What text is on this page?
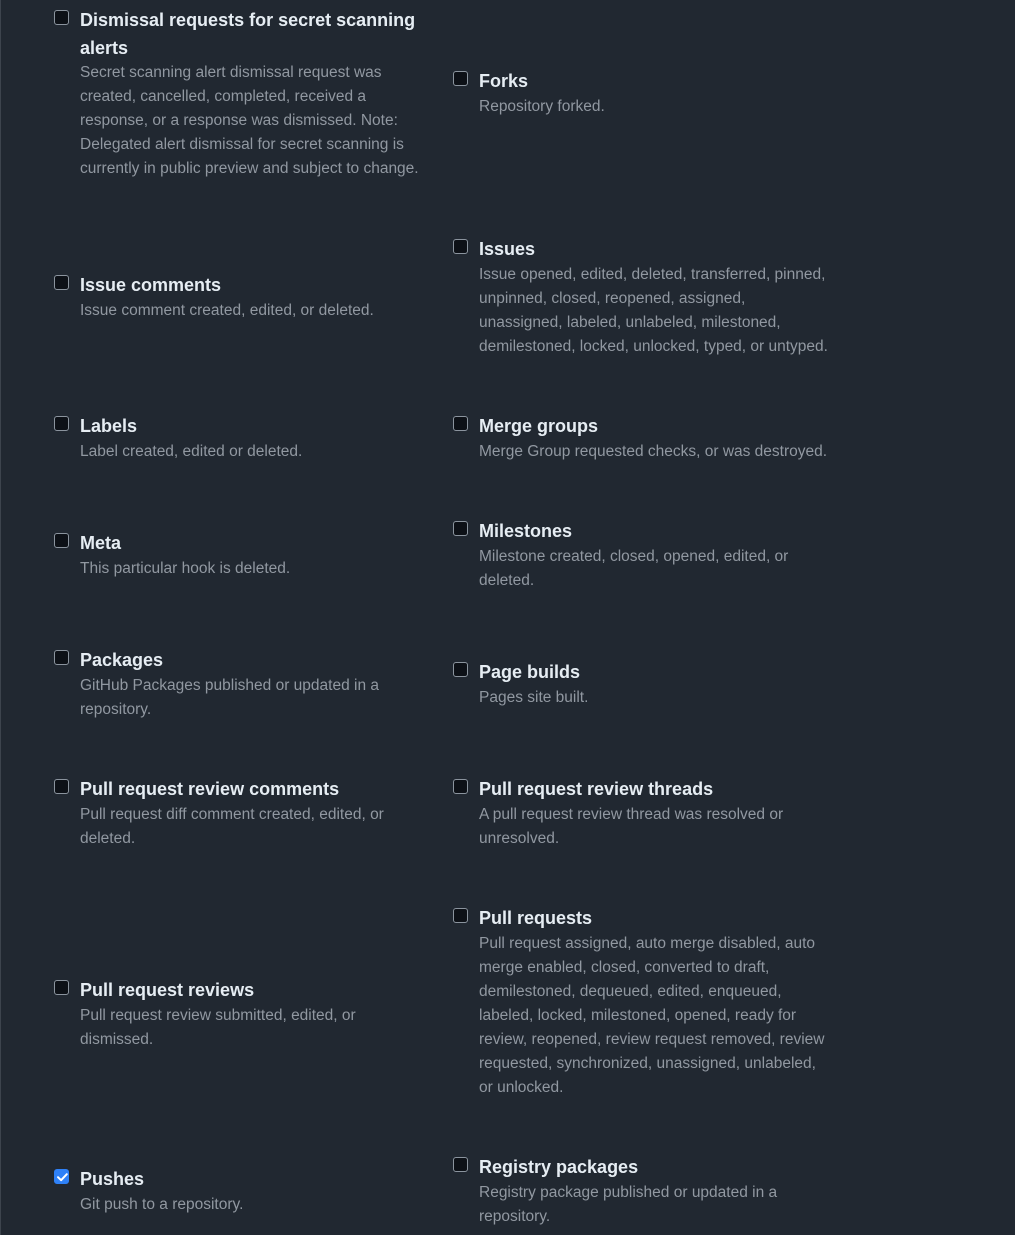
Dismissal requests for secret scanning alerts
Secret scanning alert dismissal request was created, cancelled, completed, received a response, or a response was dismissed. Note: Delegated alert dismissal for secret scanning is currently in public preview and subject to change.
Issue comments
Issue comment created, edited, or deleted.
Labels
Label created, edited or deleted.
Meta
This particular hook is deleted.
Packages
GitHub Packages published or updated in a repository.
Pull request review comments
Pull request diff comment created, edited, or deleted.
Pull request reviews
Pull request review submitted, edited, or dismissed.
Pushes
Git push to a repository.
Forks
Repository forked.
Issues
Issue opened, edited, deleted, transferred, pinned, unpinned, closed, reopened, assigned, unassigned, labeled, unlabeled, milestoned, demilestoned, locked, unlocked, typed, or untyped.
Merge groups
Merge Group requested checks, or was destroyed.
Milestones
Milestone created, closed, opened, edited, or deleted.
Page builds
Pages site built.
Pull request review threads
A pull request review thread was resolved or unresolved.
Pull requests
Pull request assigned, auto merge disabled, auto merge enabled, closed, converted to draft, demilestoned, dequeued, edited, enqueued, labeled, locked, milestoned, opened, ready for review, reopened, review request removed, review requested, synchronized, unassigned, unlabeled, or unlocked.
Registry packages
Registry package published or updated in a repository.
